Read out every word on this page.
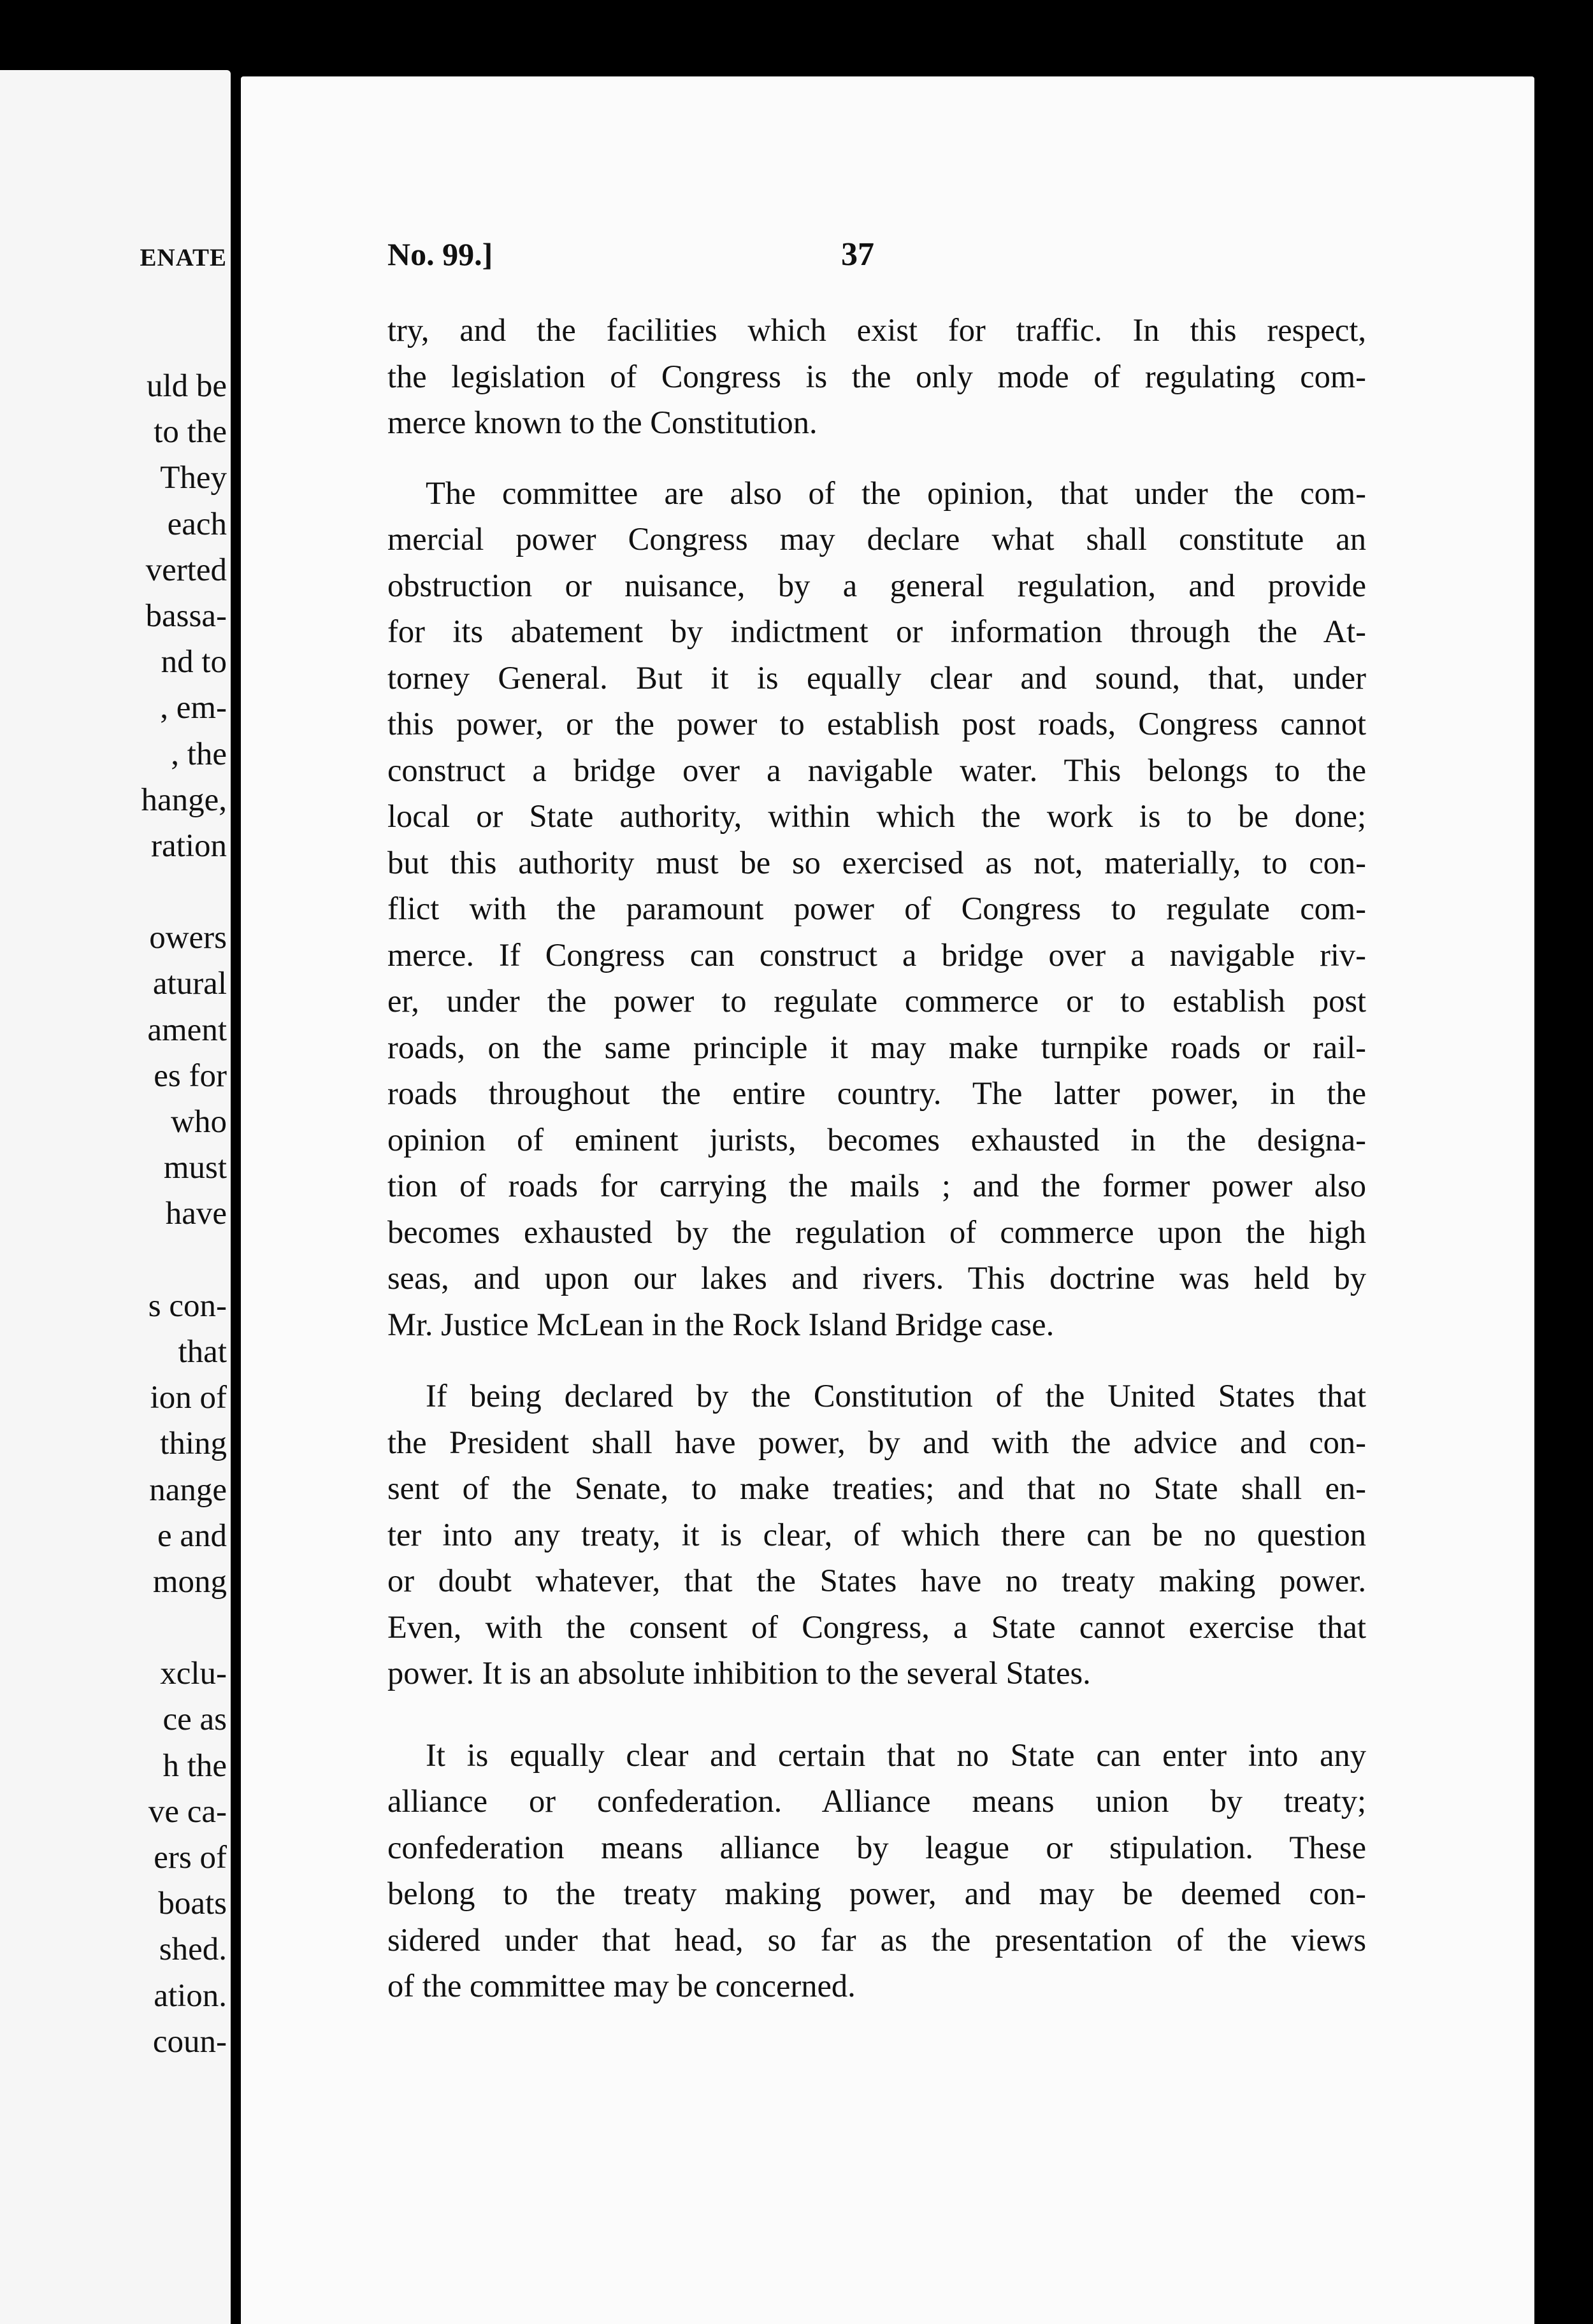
ENATE
uld be
to the
They
each
verted
bassa-
nd to
, em-
, the
hange,
ration

owers
atural
ament
es for
who
must
have

s con-
that
ion of
thing
nange
e and
mong

xclu-
ce as
h the
ve ca-
ers of
boats
shed.
ation.
coun-
No. 99.]	37
try, and the facilities which exist for traffic. In this respect,
the legislation of Congress is the only mode of regulating com-
merce known to the Constitution.
The committee are also of the opinion, that under the com-
mercial power Congress may declare what shall constitute an
obstruction or nuisance, by a general regulation, and provide
for its abatement by indictment or information through the At-
torney General. But it is equally clear and sound, that, under
this power, or the power to establish post roads, Congress cannot
construct a bridge over a navigable water. This belongs to the
local or State authority, within which the work is to be done;
but this authority must be so exercised as not, materially, to con-
flict with the paramount power of Congress to regulate com-
merce. If Congress can construct a bridge over a navigable riv-
er, under the power to regulate commerce or to establish post
roads, on the same principle it may make turnpike roads or rail-
roads throughout the entire country. The latter power, in the
opinion of eminent jurists, becomes exhausted in the designa-
tion of roads for carrying the mails ; and the former power also
becomes exhausted by the regulation of commerce upon the high
seas, and upon our lakes and rivers. This doctrine was held by
Mr. Justice McLean in the Rock Island Bridge case.
If being declared by the Constitution of the United States that
the President shall have power, by and with the advice and con-
sent of the Senate, to make treaties; and that no State shall en-
ter into any treaty, it is clear, of which there can be no question
or doubt whatever, that the States have no treaty making power.
Even, with the consent of Congress, a State cannot exercise that
power. It is an absolute inhibition to the several States.
It is equally clear and certain that no State can enter into any
alliance or confederation. Alliance means union by treaty;
confederation means alliance by league or stipulation. These
belong to the treaty making power, and may be deemed con-
sidered under that head, so far as the presentation of the views
of the committee may be concerned.
